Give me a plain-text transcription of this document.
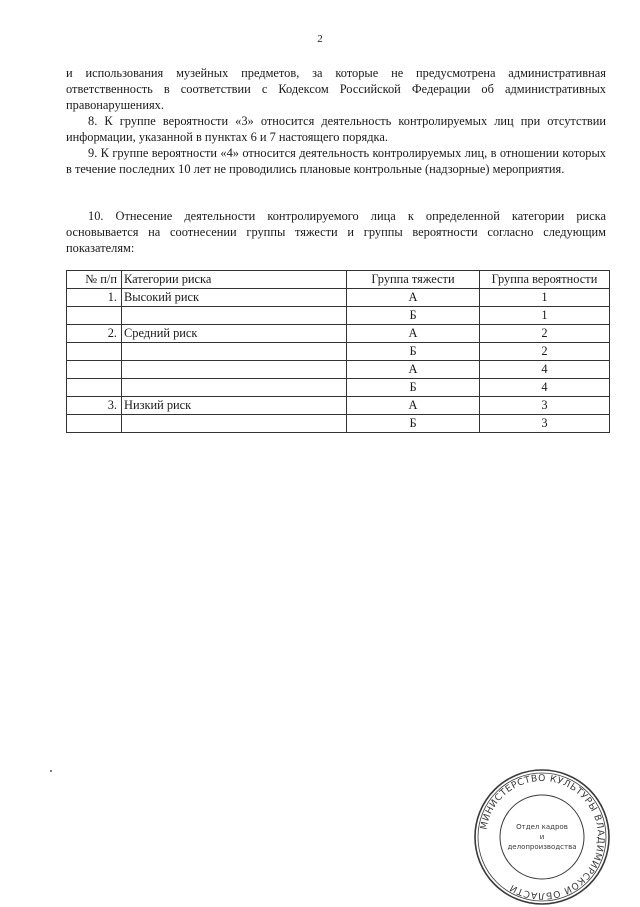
2

и использования музейных предметов, за которые не предусмотрена административная ответственность в соответствии с Кодексом Российской Федерации об административных правонарушениях.

8. К группе вероятности «3» относится деятельность контролируемых лиц при отсутствии информации, указанной в пунктах 6 и 7 настоящего порядка.

9. К группе вероятности «4» относится деятельность контролируемых лиц, в отношении которых в течение последних 10 лет не проводились плановые контрольные (надзорные) мероприятия.

10. Отнесение деятельности контролируемого лица к определенной категории риска основывается на соотнесении группы тяжести и группы вероятности согласно следующим показателям:

№ п/п	Категории риска	Группа тяжести	Группа вероятности
1.	Высокий риск	А	1
		Б	1
2.	Средний риск	А	2
		Б	2
		А	4
		Б	4
3.	Низкий риск	А	3
		Б	3
МИНИСТЕРСТВО КУЛЬТУРЫ ВЛАДИМИРСКОЙ ОБЛАСТИ
Отдел кадров
и
делопроизводства
